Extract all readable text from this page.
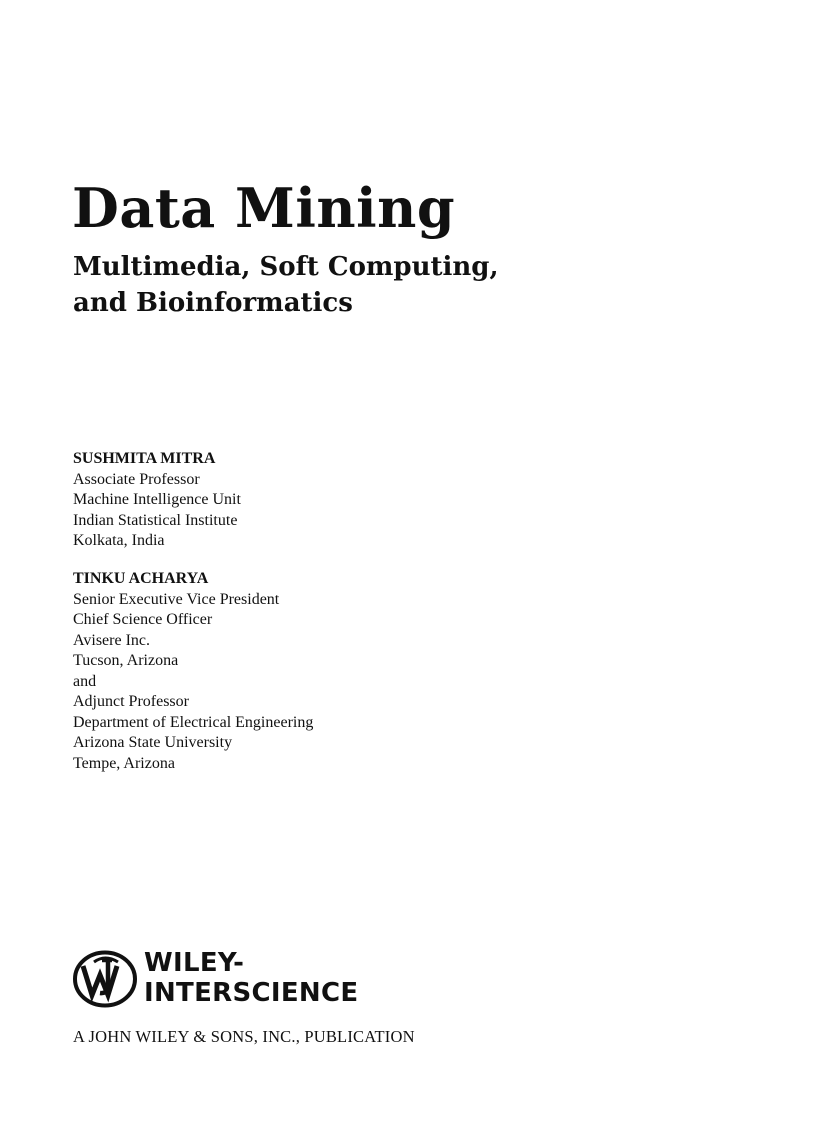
Data Mining
Multimedia, Soft Computing,
and Bioinformatics
SUSHMITA MITRA
Associate Professor
Machine Intelligence Unit
Indian Statistical Institute
Kolkata, India
TINKU ACHARYA
Senior Executive Vice President
Chief Science Officer
Avisere Inc.
Tucson, Arizona
and
Adjunct Professor
Department of Electrical Engineering
Arizona State University
Tempe, Arizona
WILEY-
INTERSCIENCE
A JOHN WILEY & SONS, INC., PUBLICATION
